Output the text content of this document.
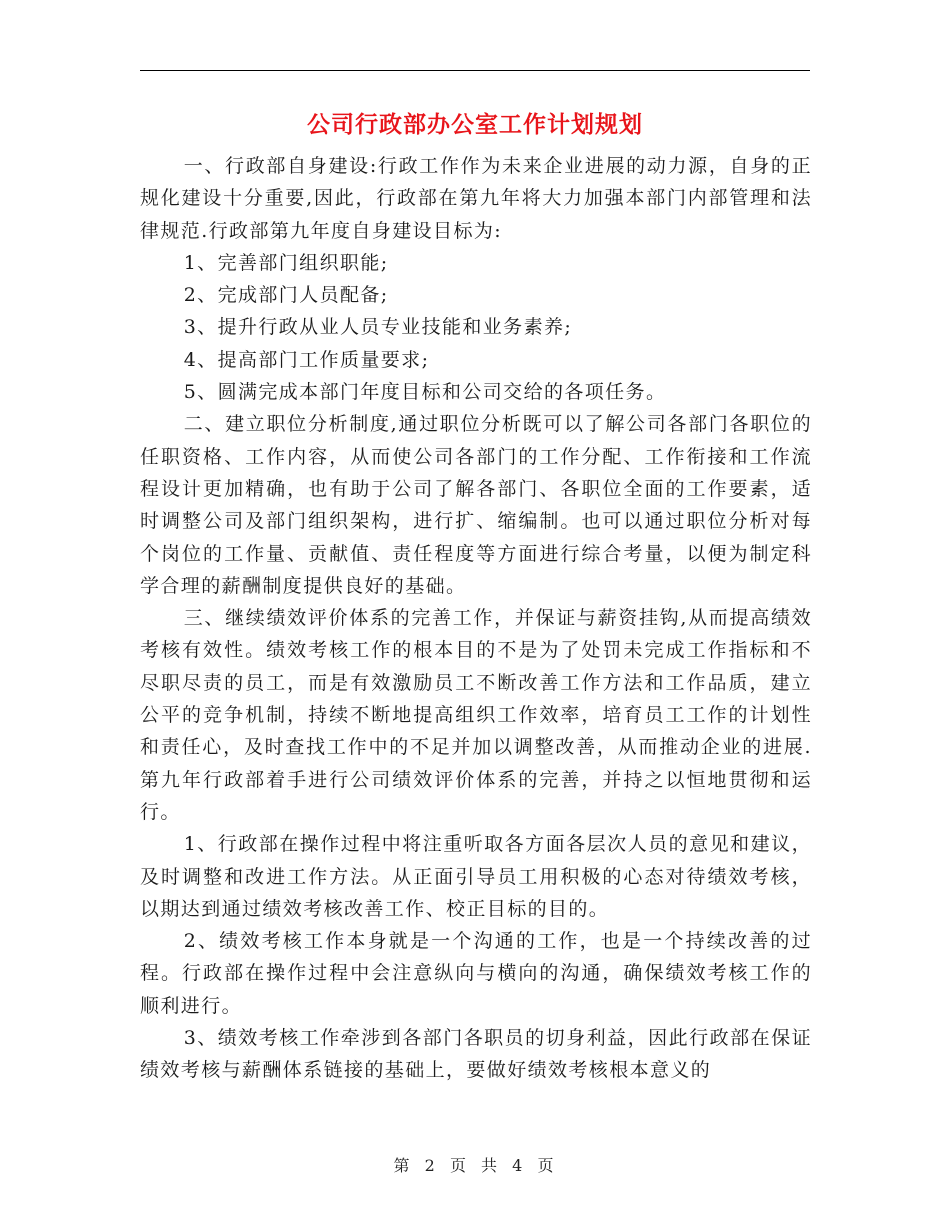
公司行政部办公室工作计划规划

一、行政部自身建设:行政工作作为未来企业进展的动力源，自身的正规化建设十分重要,因此，行政部在第九年将大力加强本部门内部管理和法律规范.行政部第九年度自身建设目标为:

1、完善部门组织职能;

2、完成部门人员配备;

3、提升行政从业人员专业技能和业务素养;

4、提高部门工作质量要求;

5、圆满完成本部门年度目标和公司交给的各项任务。

二、建立职位分析制度,通过职位分析既可以了解公司各部门各职位的任职资格、工作内容，从而使公司各部门的工作分配、工作衔接和工作流程设计更加精确，也有助于公司了解各部门、各职位全面的工作要素，适时调整公司及部门组织架构，进行扩、缩编制。也可以通过职位分析对每个岗位的工作量、贡献值、责任程度等方面进行综合考量，以便为制定科学合理的薪酬制度提供良好的基础。

三、继续绩效评价体系的完善工作，并保证与薪资挂钩,从而提高绩效考核有效性。绩效考核工作的根本目的不是为了处罚未完成工作指标和不尽职尽责的员工，而是有效激励员工不断改善工作方法和工作品质，建立公平的竞争机制，持续不断地提高组织工作效率，培育员工工作的计划性和责任心，及时查找工作中的不足并加以调整改善，从而推动企业的进展.第九年行政部着手进行公司绩效评价体系的完善，并持之以恒地贯彻和运行。

1、行政部在操作过程中将注重听取各方面各层次人员的意见和建议，及时调整和改进工作方法。从正面引导员工用积极的心态对待绩效考核，以期达到通过绩效考核改善工作、校正目标的目的。

2、绩效考核工作本身就是一个沟通的工作，也是一个持续改善的过程。行政部在操作过程中会注意纵向与横向的沟通，确保绩效考核工作的顺利进行。

3、绩效考核工作牵涉到各部门各职员的切身利益，因此行政部在保证绩效考核与薪酬体系链接的基础上，要做好绩效考核根本意义的

第 2 页 共 4 页
